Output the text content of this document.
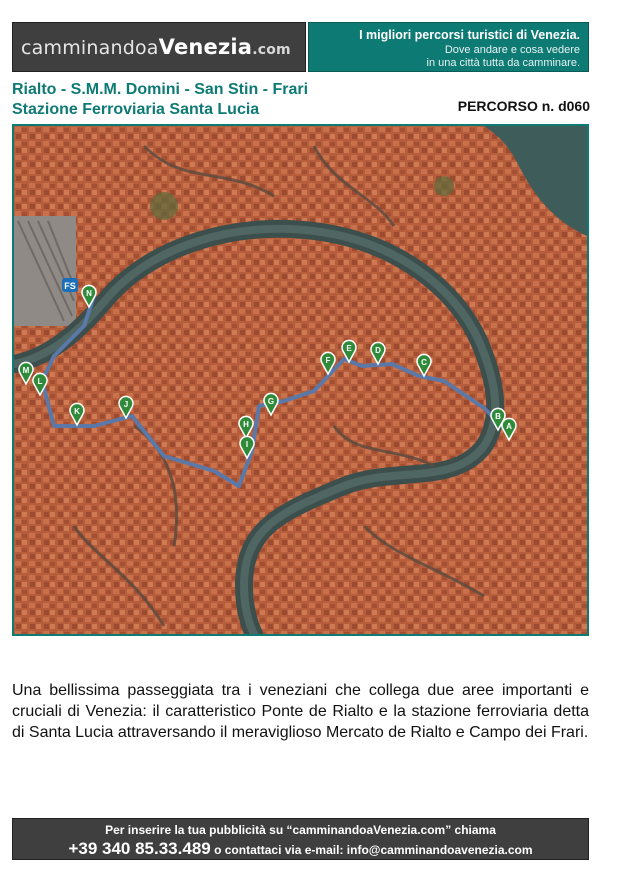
camminandoaVenezia.com
I migliori percorsi turistici di Venezia.
Dove andare e cosa vedere
in una città tutta da camminare.
Rialto - S.M.M. Domini - San Stin - Frari
Stazione Ferroviaria Santa Lucia	PERCORSO n. d060
A
B
C
D
E
F
G
H
I
J
K
L
M
N
FS
Una bellissima passeggiata tra i veneziani che collega due aree importanti e cruciali di Venezia: il caratteristico Ponte de Rialto e la stazione ferroviaria detta di Santa Lucia attraversando il meraviglioso Mercato de Rialto e Campo dei Frari.
Per inserire la tua pubblicità su “camminandoaVenezia.com” chiama
+39 340 85.33.489 o contattaci via e-mail: info@camminandoavenezia.com
